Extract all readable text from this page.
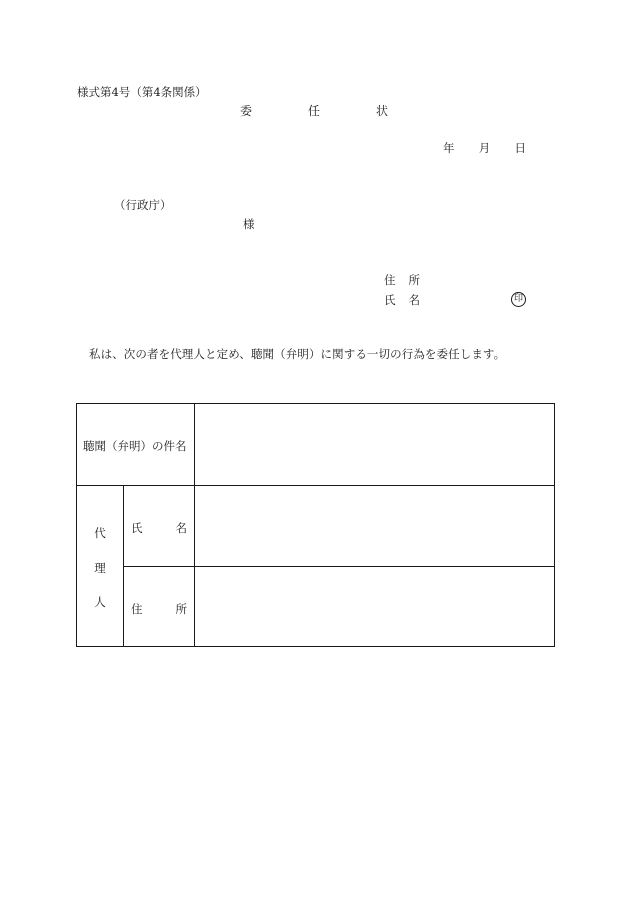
様式第4号（第4条関係）
委	任	状
年 月 日
（行政庁）
様
住 所
氏 名	印
私は、次の者を代理人と定め、聴聞（弁明）に関する一切の行為を委任します。
聴聞（弁明）の件名
代
理
人
氏	名
住	所
